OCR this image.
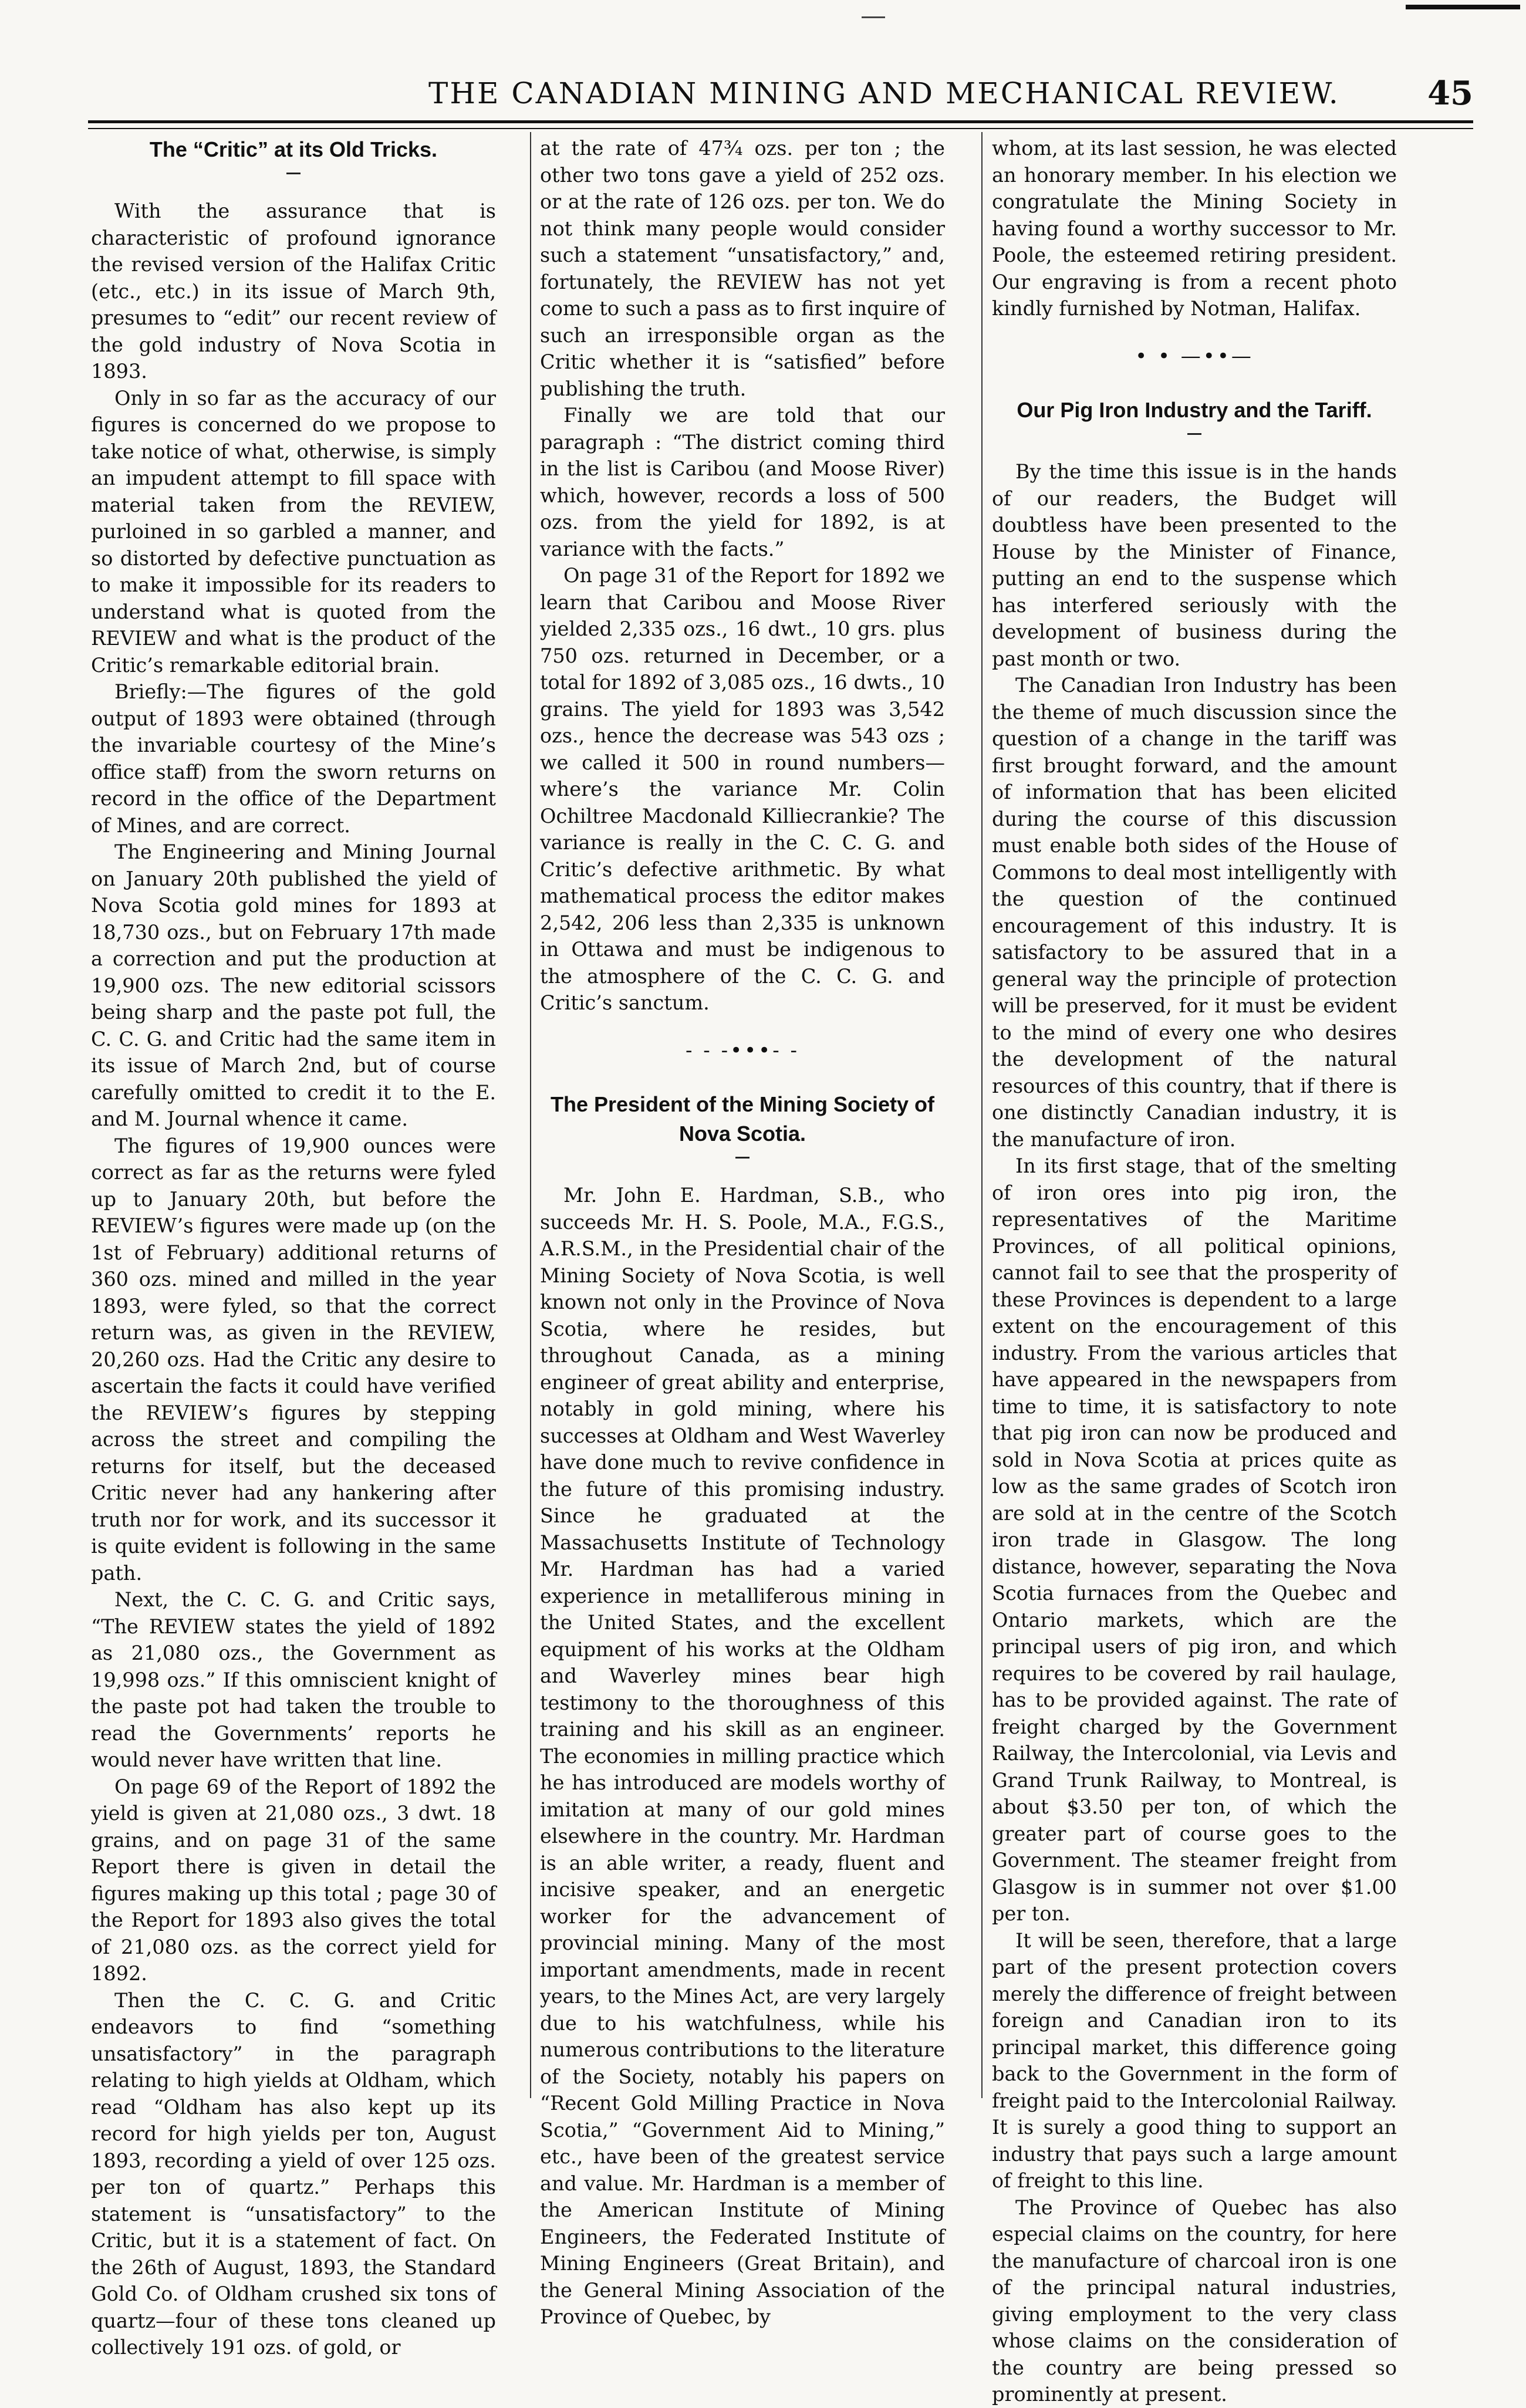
THE CANADIAN MINING AND MECHANICAL REVIEW.	45
The “Critic” at its Old Tricks.

With the assurance that is characteristic of profound ignorance the revised version of the Halifax Critic (etc., etc.) in its issue of March 9th, presumes to “edit” our recent review of the gold industry of Nova Scotia in 1893.

Only in so far as the accuracy of our figures is concerned do we propose to take notice of what, otherwise, is simply an impudent attempt to fill space with material taken from the REVIEW, purloined in so garbled a manner, and so distorted by defective punctuation as to make it impossible for its readers to understand what is quoted from the REVIEW and what is the product of the Critic’s remarkable editorial brain.

Briefly:—The figures of the gold output of 1893 were obtained (through the invariable courtesy of the Mine’s office staff) from the sworn returns on record in the office of the Department of Mines, and are correct.

The Engineering and Mining Journal on January 20th published the yield of Nova Scotia gold mines for 1893 at 18,730 ozs., but on February 17th made a correction and put the production at 19,900 ozs. The new editorial scissors being sharp and the paste pot full, the C. C. G. and Critic had the same item in its issue of March 2nd, but of course carefully omitted to credit it to the E. and M. Journal whence it came.

The figures of 19,900 ounces were correct as far as the returns were fyled up to January 20th, but before the REVIEW’s figures were made up (on the 1st of February) additional returns of 360 ozs. mined and milled in the year 1893, were fyled, so that the correct return was, as given in the REVIEW, 20,260 ozs. Had the Critic any desire to ascertain the facts it could have verified the REVIEW’s figures by stepping across the street and compiling the returns for itself, but the deceased Critic never had any hankering after truth nor for work, and its successor it is quite evident is following in the same path.

Next, the C. C. G. and Critic says, “The REVIEW states the yield of 1892 as 21,080 ozs., the Government as 19,998 ozs.” If this omniscient knight of the paste pot had taken the trouble to read the Governments’ reports he would never have written that line.

On page 69 of the Report of 1892 the yield is given at 21,080 ozs., 3 dwt. 18 grains, and on page 31 of the same Report there is given in detail the figures making up this total ; page 30 of the Report for 1893 also gives the total of 21,080 ozs. as the correct yield for 1892.

Then the C. C. G. and Critic endeavors to find “something unsatisfactory” in the paragraph relating to high yields at Oldham, which read “Oldham has also kept up its record for high yields per ton, August 1893, recording a yield of over 125 ozs. per ton of quartz.” Perhaps this statement is “unsatisfactory” to the Critic, but it is a statement of fact. On the 26th of August, 1893, the Standard Gold Co. of Oldham crushed six tons of quartz—four of these tons cleaned up collectively 191 ozs. of gold, or

at the rate of 47¾ ozs. per ton ; the other two tons gave a yield of 252 ozs. or at the rate of 126 ozs. per ton. We do not think many people would consider such a statement “unsatisfactory,” and, fortunately, the REVIEW has not yet come to such a pass as to first inquire of such an irresponsible organ as the Critic whether it is “satisfied” before publishing the truth.

Finally we are told that our paragraph : “The district coming third in the list is Caribou (and Moose River) which, however, records a loss of 500 ozs. from the yield for 1892, is at variance with the facts.”

On page 31 of the Report for 1892 we learn that Caribou and Moose River yielded 2,335 ozs., 16 dwt., 10 grs. plus 750 ozs. returned in December, or a total for 1892 of 3,085 ozs., 16 dwts., 10 grains. The yield for 1893 was 3,542 ozs., hence the decrease was 543 ozs ; we called it 500 in round numbers—where’s the variance Mr. Colin Ochiltree Macdonald Killiecrankie? The variance is really in the C. C. G. and Critic’s defective arithmetic. By what mathematical process the editor makes 2,542, 206 less than 2,335 is unknown in Ottawa and must be indigenous to the atmosphere of the C. C. G. and Critic’s sanctum.

- - -•••- -
The President of the Mining Society of Nova Scotia.

Mr. John E. Hardman, S.B., who succeeds Mr. H. S. Poole, M.A., F.G.S., A.R.S.M., in the Presidential chair of the Mining Society of Nova Scotia, is well known not only in the Province of Nova Scotia, where he resides, but throughout Canada, as a mining engineer of great ability and enterprise, notably in gold mining, where his successes at Oldham and West Waverley have done much to revive confidence in the future of this promising industry. Since he graduated at the Massachusetts Institute of Technology Mr. Hardman has had a varied experience in metalliferous mining in the United States, and the excellent equipment of his works at the Oldham and Waverley mines bear high testimony to the thoroughness of this training and his skill as an engineer. The economies in milling practice which he has introduced are models worthy of imitation at many of our gold mines elsewhere in the country. Mr. Hardman is an able writer, a ready, fluent and incisive speaker, and an energetic worker for the advancement of provincial mining. Many of the most important amendments, made in recent years, to the Mines Act, are very largely due to his watchfulness, while his numerous contributions to the literature of the Society, notably his papers on “Recent Gold Milling Practice in Nova Scotia,” “Government Aid to Mining,” etc., have been of the greatest service and value. Mr. Hardman is a member of the American Institute of Mining Engineers, the Federated Institute of Mining Engineers (Great Britain), and the General Mining Association of the Province of Quebec, by

whom, at its last session, he was elected an honorary member. In his election we congratulate the Mining Society in having found a worthy successor to Mr. Poole, the esteemed retiring president. Our engraving is from a recent photo kindly furnished by Notman, Halifax.

• • —••—
Our Pig Iron Industry and the Tariff.

By the time this issue is in the hands of our readers, the Budget will doubtless have been presented to the House by the Minister of Finance, putting an end to the suspense which has interfered seriously with the development of business during the past month or two.

The Canadian Iron Industry has been the theme of much discussion since the question of a change in the tariff was first brought forward, and the amount of information that has been elicited during the course of this discussion must enable both sides of the House of Commons to deal most intelligently with the question of the continued encouragement of this industry. It is satisfactory to be assured that in a general way the principle of protection will be preserved, for it must be evident to the mind of every one who desires the development of the natural resources of this country, that if there is one distinctly Canadian industry, it is the manufacture of iron.

In its first stage, that of the smelting of iron ores into pig iron, the representatives of the Maritime Provinces, of all political opinions, cannot fail to see that the prosperity of these Provinces is dependent to a large extent on the encouragement of this industry. From the various articles that have appeared in the newspapers from time to time, it is satisfactory to note that pig iron can now be produced and sold in Nova Scotia at prices quite as low as the same grades of Scotch iron are sold at in the centre of the Scotch iron trade in Glasgow. The long distance, however, separating the Nova Scotia furnaces from the Quebec and Ontario markets, which are the principal users of pig iron, and which requires to be covered by rail haulage, has to be provided against. The rate of freight charged by the Government Railway, the Intercolonial, via Levis and Grand Trunk Railway, to Montreal, is about $3.50 per ton, of which the greater part of course goes to the Government. The steamer freight from Glasgow is in summer not over $1.00 per ton.

It will be seen, therefore, that a large part of the present protection covers merely the difference of freight between foreign and Canadian iron to its principal market, this difference going back to the Government in the form of freight paid to the Intercolonial Railway. It is surely a good thing to support an industry that pays such a large amount of freight to this line.

The Province of Quebec has also especial claims on the country, for here the manufacture of charcoal iron is one of the principal natural industries, giving employment to the very class whose claims on the consideration of the country are being pressed so prominently at present.
